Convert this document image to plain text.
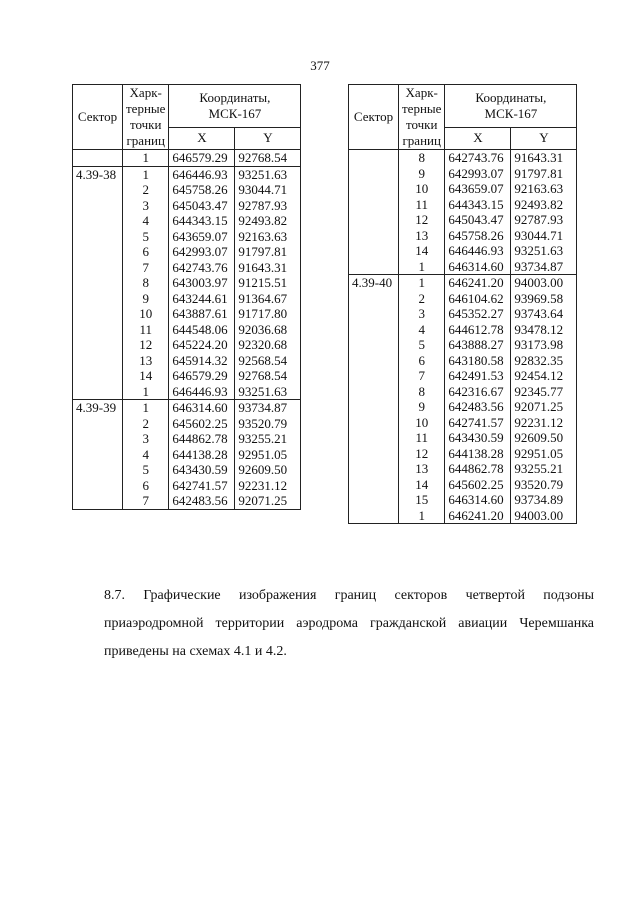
377
Сектор	Харк-
терные
точки
границ	Координаты,
МСК-167	
		X	Y
	1	646579.29	92768.54
4.39-38	1	646446.93	93251.63
	2	645758.26	93044.71
	3	645043.47	92787.93
	4	644343.15	92493.82
	5	643659.07	92163.63
	6	642993.07	91797.81
	7	642743.76	91643.31
	8	643003.97	91215.51
	9	643244.61	91364.67
	10	643887.61	91717.80
	11	644548.06	92036.68
	12	645224.20	92320.68
	13	645914.32	92568.54
	14	646579.29	92768.54
	1	646446.93	93251.63
4.39-39	1	646314.60	93734.87
	2	645602.25	93520.79
	3	644862.78	93255.21
	4	644138.28	92951.05
	5	643430.59	92609.50
	6	642741.57	92231.12
	7	642483.56	92071.25
Сектор	Харк-
терные
точки
границ	Координаты,
МСК-167	
		X	Y
	8	642743.76	91643.31
	9	642993.07	91797.81
	10	643659.07	92163.63
	11	644343.15	92493.82
	12	645043.47	92787.93
	13	645758.26	93044.71
	14	646446.93	93251.63
	1	646314.60	93734.87
4.39-40	1	646241.20	94003.00
	2	646104.62	93969.58
	3	645352.27	93743.64
	4	644612.78	93478.12
	5	643888.27	93173.98
	6	643180.58	92832.35
	7	642491.53	92454.12
	8	642316.67	92345.77
	9	642483.56	92071.25
	10	642741.57	92231.12
	11	643430.59	92609.50
	12	644138.28	92951.05
	13	644862.78	93255.21
	14	645602.25	93520.79
	15	646314.60	93734.89
	1	646241.20	94003.00
8.7. Графические изображения границ секторов четвертой подзоны приаэродромной территории аэродрома гражданской авиации Черемшанка приведены на схемах 4.1 и 4.2.
